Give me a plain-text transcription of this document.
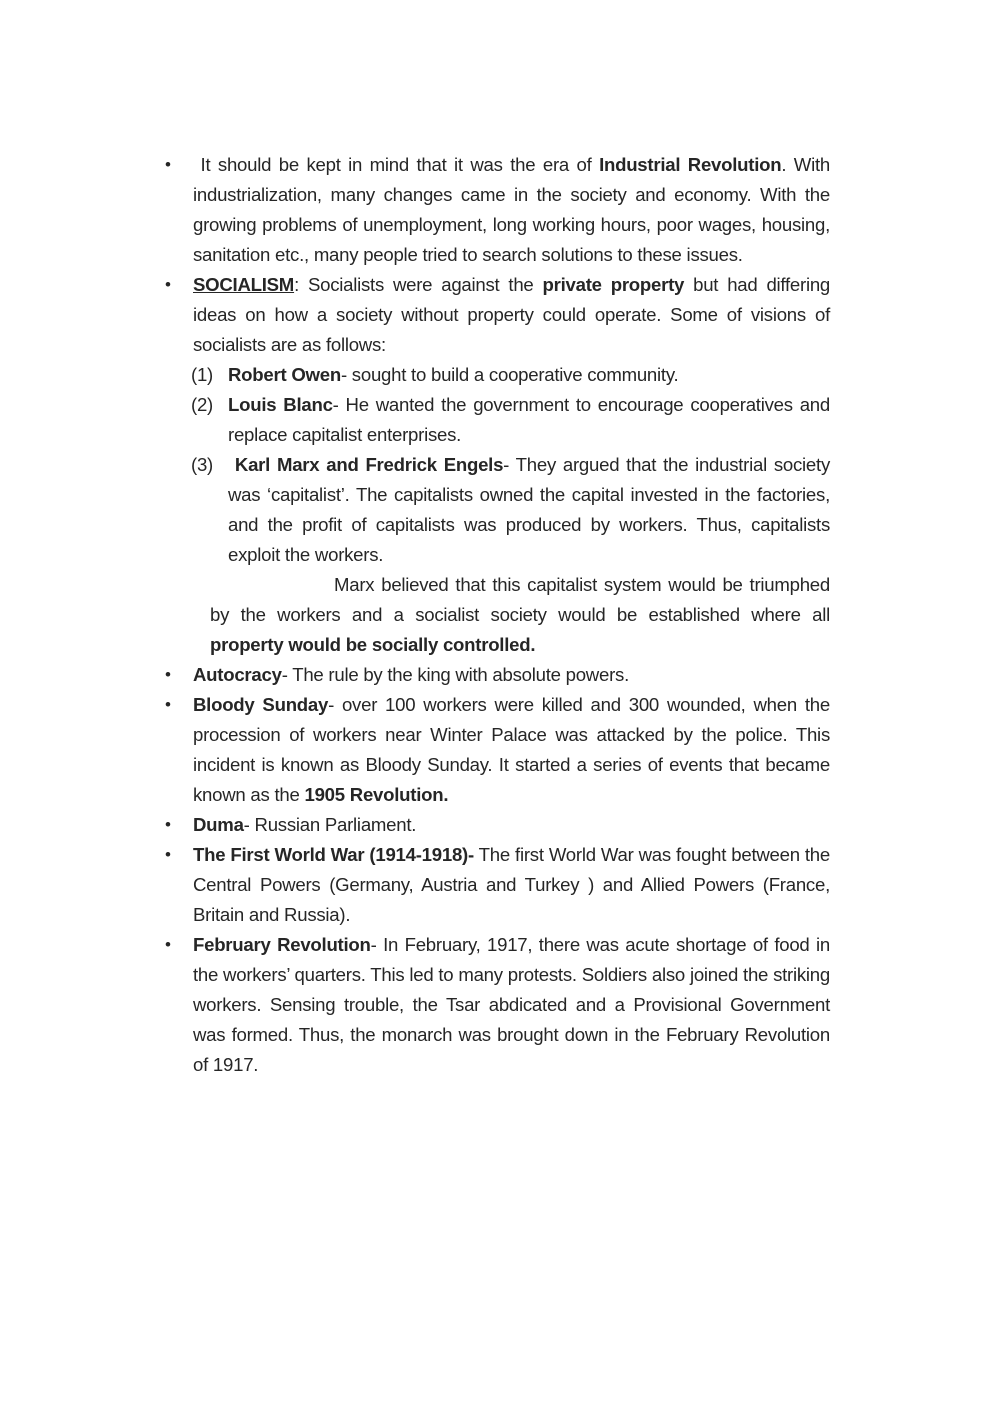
• It should be kept in mind that it was the era of Industrial Revolution. With industrialization, many changes came in the society and economy. With the growing problems of unemployment, long working hours, poor wages, housing, sanitation etc., many people tried to search solutions to these issues.
• SOCIALISM: Socialists were against the private property but had differing ideas on how a society without property could operate. Some of visions of socialists are as follows:
(1) Robert Owen- sought to build a cooperative community.
(2) Louis Blanc- He wanted the government to encourage cooperatives and replace capitalist enterprises.
(3) Karl Marx and Fredrick Engels- They argued that the industrial society was ‘capitalist’. The capitalists owned the capital invested in the factories, and the profit of capitalists was produced by workers. Thus, capitalists exploit the workers.
Marx believed that this capitalist system would be triumphed by the workers and a socialist society would be established where all property would be socially controlled.
• Autocracy- The rule by the king with absolute powers.
• Bloody Sunday- over 100 workers were killed and 300 wounded, when the procession of workers near Winter Palace was attacked by the police. This incident is known as Bloody Sunday. It started a series of events that became known as the 1905 Revolution.
• Duma- Russian Parliament.
• The First World War (1914-1918)- The first World War was fought between the Central Powers (Germany, Austria and Turkey ) and Allied Powers (France, Britain and Russia).
• February Revolution- In February, 1917, there was acute shortage of food in the workers’ quarters. This led to many protests. Soldiers also joined the striking workers. Sensing trouble, the Tsar abdicated and a Provisional Government was formed. Thus, the monarch was brought down in the February Revolution of 1917.
